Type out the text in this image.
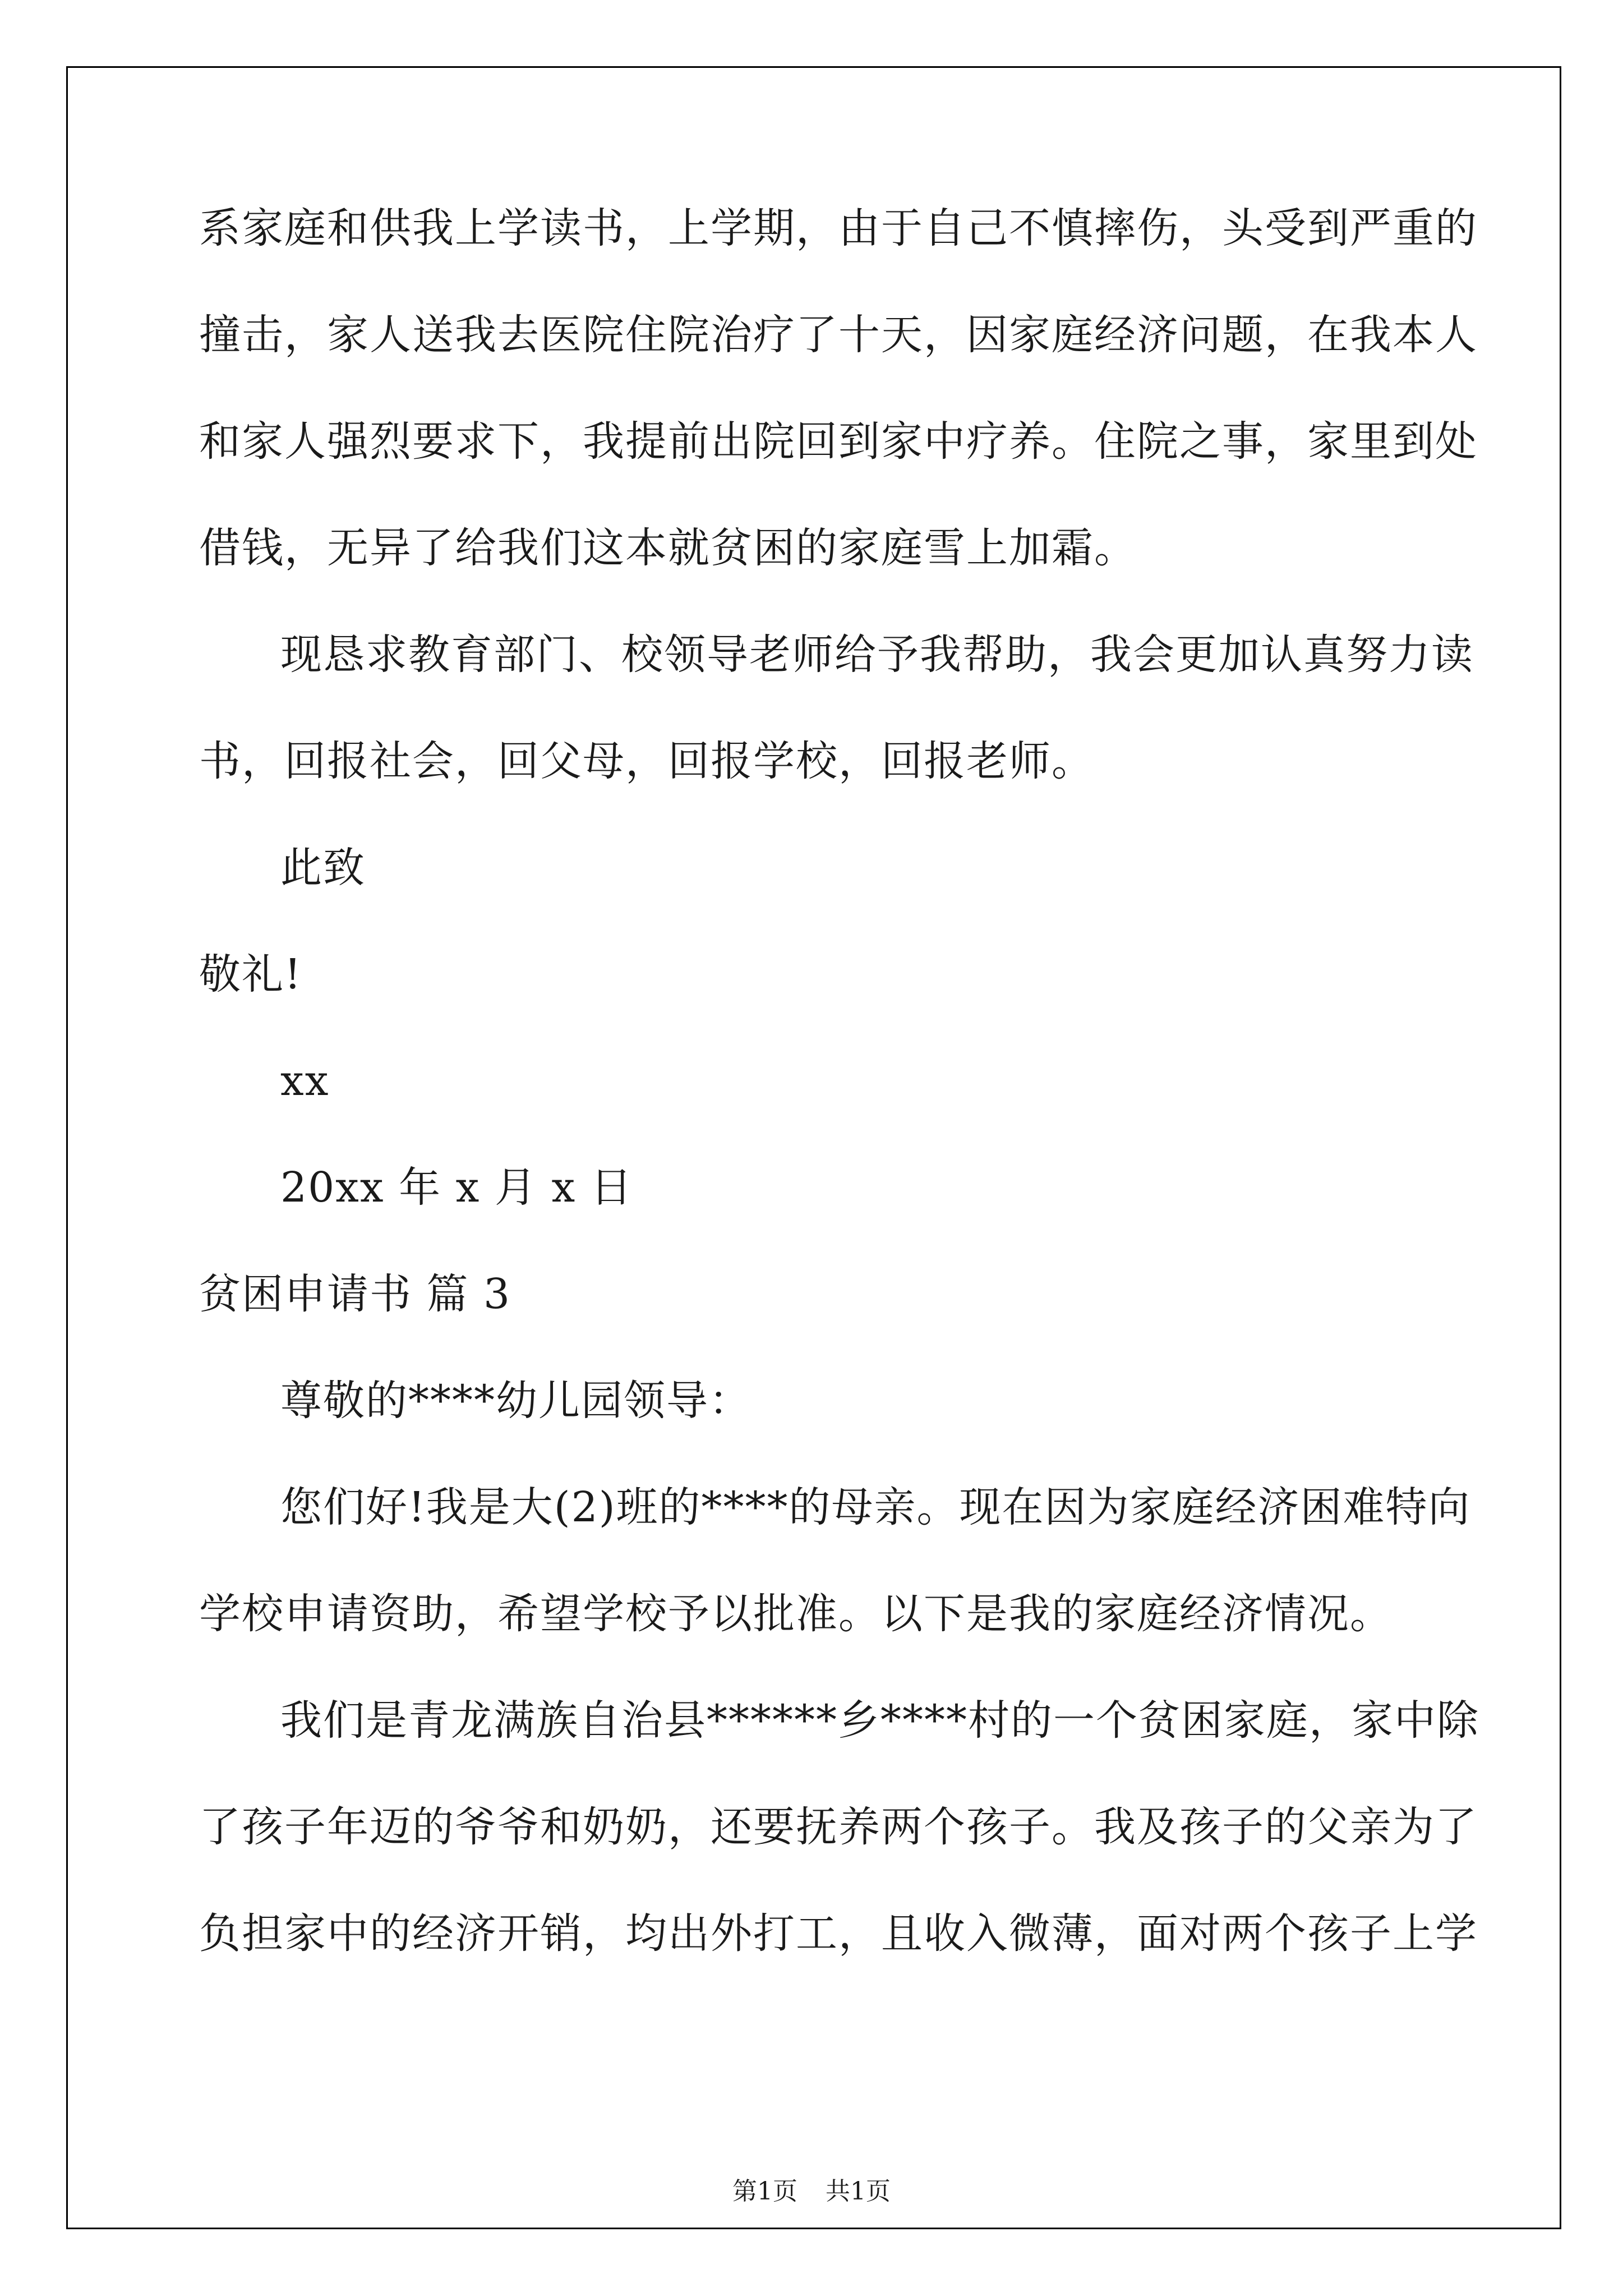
系家庭和供我上学读书，上学期，由于自己不慎摔伤，头受到严重的

撞击，家人送我去医院住院治疗了十天，因家庭经济问题，在我本人

和家人强烈要求下，我提前出院回到家中疗养。住院之事，家里到处

借钱，无异了给我们这本就贫困的家庭雪上加霜。

现恳求教育部门、校领导老师给予我帮助，我会更加认真努力读

书，回报社会，回父母，回报学校，回报老师。

此致

敬礼!

xx

20xx 年 x 月 x 日

贫困申请书 篇 3

尊敬的****幼儿园领导：

您们好!我是大(2)班的****的母亲。现在因为家庭经济困难特向

学校申请资助，希望学校予以批准。以下是我的家庭经济情况。

我们是青龙满族自治县******乡****村的一个贫困家庭，家中除

了孩子年迈的爷爷和奶奶，还要抚养两个孩子。我及孩子的父亲为了

负担家中的经济开销，均出外打工，且收入微薄，面对两个孩子上学

第1页 共1页
